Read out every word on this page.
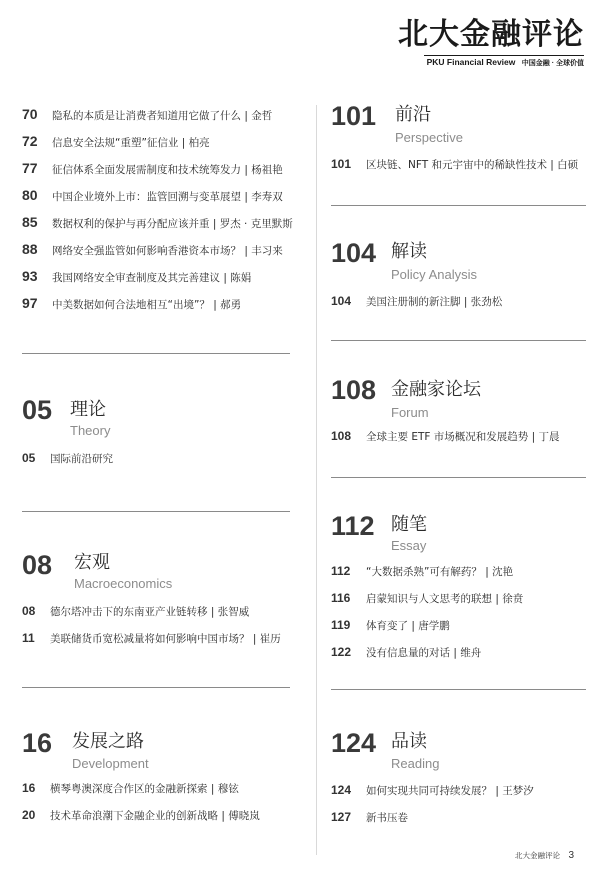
北大金融评论
PKU Financial Review 中国金融 · 全球价值
70	隐私的本质是让消费者知道用它做了什么 | 金哲
72	信息安全法规“重塑”征信业 | 柏亮
77	征信体系全面发展需制度和技术统筹发力 | 杨祖艳
80	中国企业境外上市：监管回溯与变革展望 | 李寿双
85	数据权利的保护与再分配应该并重 | 罗杰 · 克里默斯
88	网络安全强监管如何影响香港资本市场？ | 丰习来
93	我国网络安全审查制度及其完善建议 | 陈娟
97	中美数据如何合法地相互“出境”？ | 郝勇
05 理论
Theory
05	国际前沿研究
08 宏观
Macroeconomics
08	德尔塔冲击下的东南亚产业链转移 | 张智威
11	美联储货币宽松减量将如何影响中国市场？ | 崔历
16 发展之路
Development
16	横琴粤澳深度合作区的金融新探索 | 穆铉
20	技术革命浪潮下金融企业的创新战略 | 傅晓岚
101 前沿
Perspective
101	区块链、NFT 和元宇宙中的稀缺性技术 | 白硕
104 解读
Policy Analysis
104	美国注册制的新注脚 | 张劲松
108 金融家论坛
Forum
108	全球主要 ETF 市场概况和发展趋势 | 丁晨
112 随笔
Essay
112	“大数据杀熟”可有解药？ | 沈艳
116	启蒙知识与人文思考的联想 | 徐贲
119	体育变了 | 唐学鹏
122	没有信息量的对话 | 维舟
124 品读
Reading
124	如何实现共同可持续发展？ | 王梦汐
127	新书压卷
北大金融评论 3
